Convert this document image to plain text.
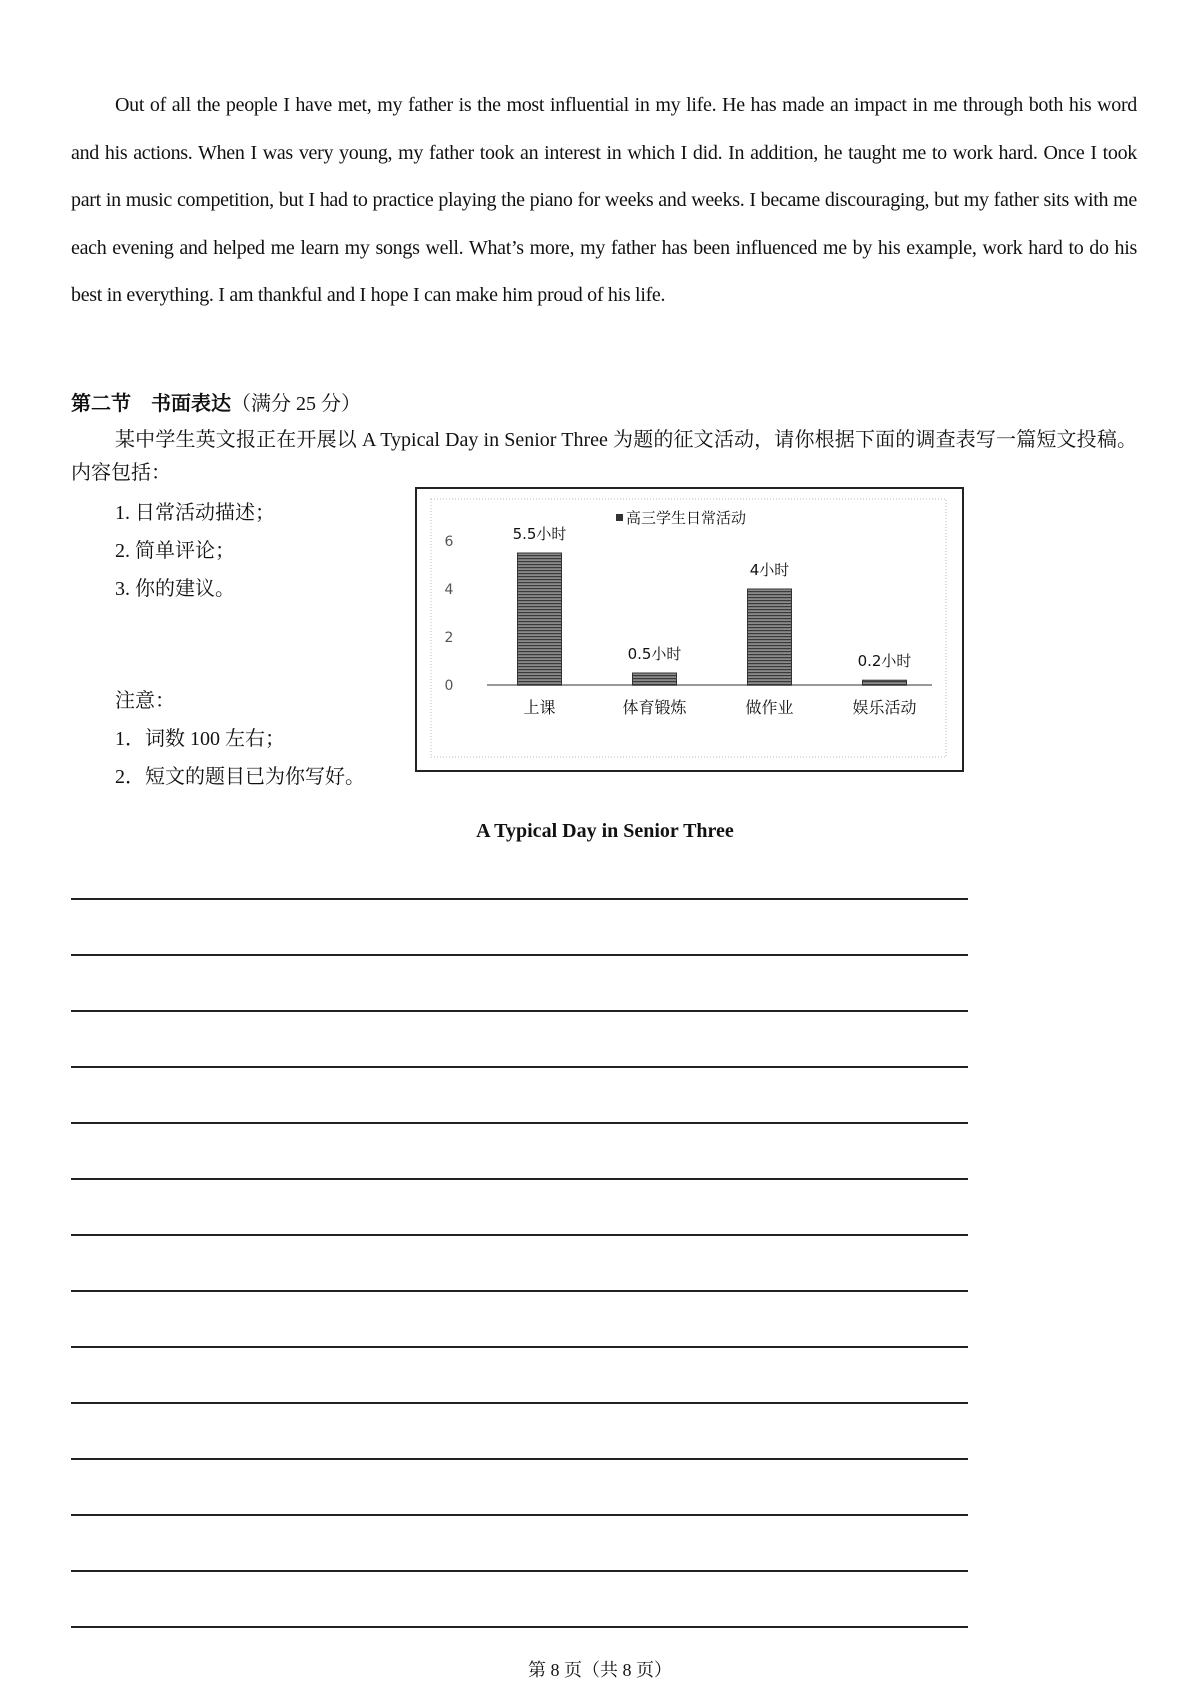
Out of all the people I have met, my father is the most influential in my life. He has made an impact in me through both his word and his actions. When I was very young, my father took an interest in which I did. In addition, he taught me to work hard. Once I took part in music competition, but I had to practice playing the piano for weeks and weeks. I became discouraging, but my father sits with me each evening and helped me learn my songs well. What’s more, my father has been influenced me by his example, work hard to do his best in everything. I am thankful and I hope I can make him proud of his life.
第二节　书面表达（满分 25 分）
某中学生英文报正在开展以 A Typical Day in Senior Three 为题的征文活动，请你根据下面的调查表写一篇短文投稿。内容包括：
1. 日常活动描述；
2. 简单评论；
3. 你的建议。
注意：
1．词数 100 左右；
2．短文的题目已为你写好。
高三学生日常活动
0
2
4
6	5.5小时
上课
0.5小时
体育锻炼
4小时
做作业
0.2小时
娱乐活动
A Typical Day in Senior Three
第 8 页（共 8 页）
